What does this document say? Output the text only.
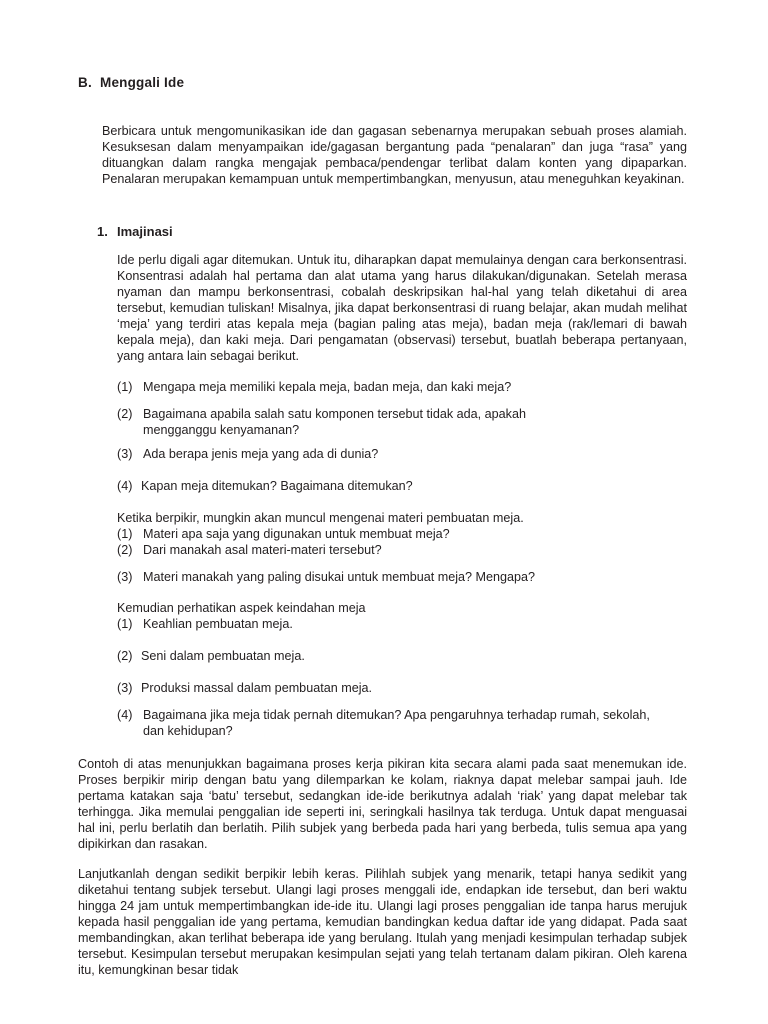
B. Menggali Ide

Berbicara untuk mengomunikasikan ide dan gagasan sebenarnya merupakan sebuah proses alamiah. Kesuksesan dalam menyampaikan ide/gagasan bergantung pada “penalaran” dan juga “rasa” yang dituangkan dalam rangka mengajak pembaca/pendengar terlibat dalam konten yang dipaparkan. Penalaran merupakan kemampuan untuk mempertimbangkan, menyusun, atau meneguhkan keyakinan.

1. Imajinasi

Ide perlu digali agar ditemukan. Untuk itu, diharapkan dapat memulainya dengan cara berkonsentrasi. Konsentrasi adalah hal pertama dan alat utama yang harus dilakukan/digunakan. Setelah merasa nyaman dan mampu berkonsentrasi, cobalah deskripsikan hal-hal yang telah diketahui di area tersebut, kemudian tuliskan! Misalnya, jika dapat berkonsentrasi di ruang belajar, akan mudah melihat ‘meja’ yang terdiri atas kepala meja (bagian paling atas meja), badan meja (rak/lemari di bawah kepala meja), dan kaki meja. Dari pengamatan (observasi) tersebut, buatlah beberapa pertanyaan, yang antara lain sebagai berikut.

(1) Mengapa meja memiliki kepala meja, badan meja, dan kaki meja?
(2) Bagaimana apabila salah satu komponen tersebut tidak ada, apakah
mengganggu kenyamanan?
(3) Ada berapa jenis meja yang ada di dunia?
(4) Kapan meja ditemukan? Bagaimana ditemukan?
Ketika berpikir, mungkin akan muncul mengenai materi pembuatan meja.
(1) Materi apa saja yang digunakan untuk membuat meja?
(2) Dari manakah asal materi-materi tersebut?
(3) Materi manakah yang paling disukai untuk membuat meja? Mengapa?
Kemudian perhatikan aspek keindahan meja
(1) Keahlian pembuatan meja.
(2) Seni dalam pembuatan meja.
(3) Produksi massal dalam pembuatan meja.
(4) Bagaimana jika meja tidak pernah ditemukan? Apa pengaruhnya terhadap rumah, sekolah,
dan kehidupan?

Contoh di atas menunjukkan bagaimana proses kerja pikiran kita secara alami pada saat menemukan ide. Proses berpikir mirip dengan batu yang dilemparkan ke kolam, riaknya dapat melebar sampai jauh. Ide pertama katakan saja ‘batu’ tersebut, sedangkan ide-ide berikutnya adalah ‘riak’ yang dapat melebar tak terhingga. Jika memulai penggalian ide seperti ini, seringkali hasilnya tak terduga. Untuk dapat menguasai hal ini, perlu berlatih dan berlatih. Pilih subjek yang berbeda pada hari yang berbeda, tulis semua apa yang dipikirkan dan rasakan.

Lanjutkanlah dengan sedikit berpikir lebih keras. Pilihlah subjek yang menarik, tetapi hanya sedikit yang diketahui tentang subjek tersebut. Ulangi lagi proses menggali ide, endapkan ide tersebut, dan beri waktu hingga 24 jam untuk mempertimbangkan ide-ide itu. Ulangi lagi proses penggalian ide tanpa harus merujuk kepada hasil penggalian ide yang pertama, kemudian bandingkan kedua daftar ide yang didapat. Pada saat membandingkan, akan terlihat beberapa ide yang berulang. Itulah yang menjadi kesimpulan terhadap subjek tersebut. Kesimpulan tersebut merupakan kesimpulan sejati yang telah tertanam dalam pikiran. Oleh karena itu, kemungkinan besar tidak
